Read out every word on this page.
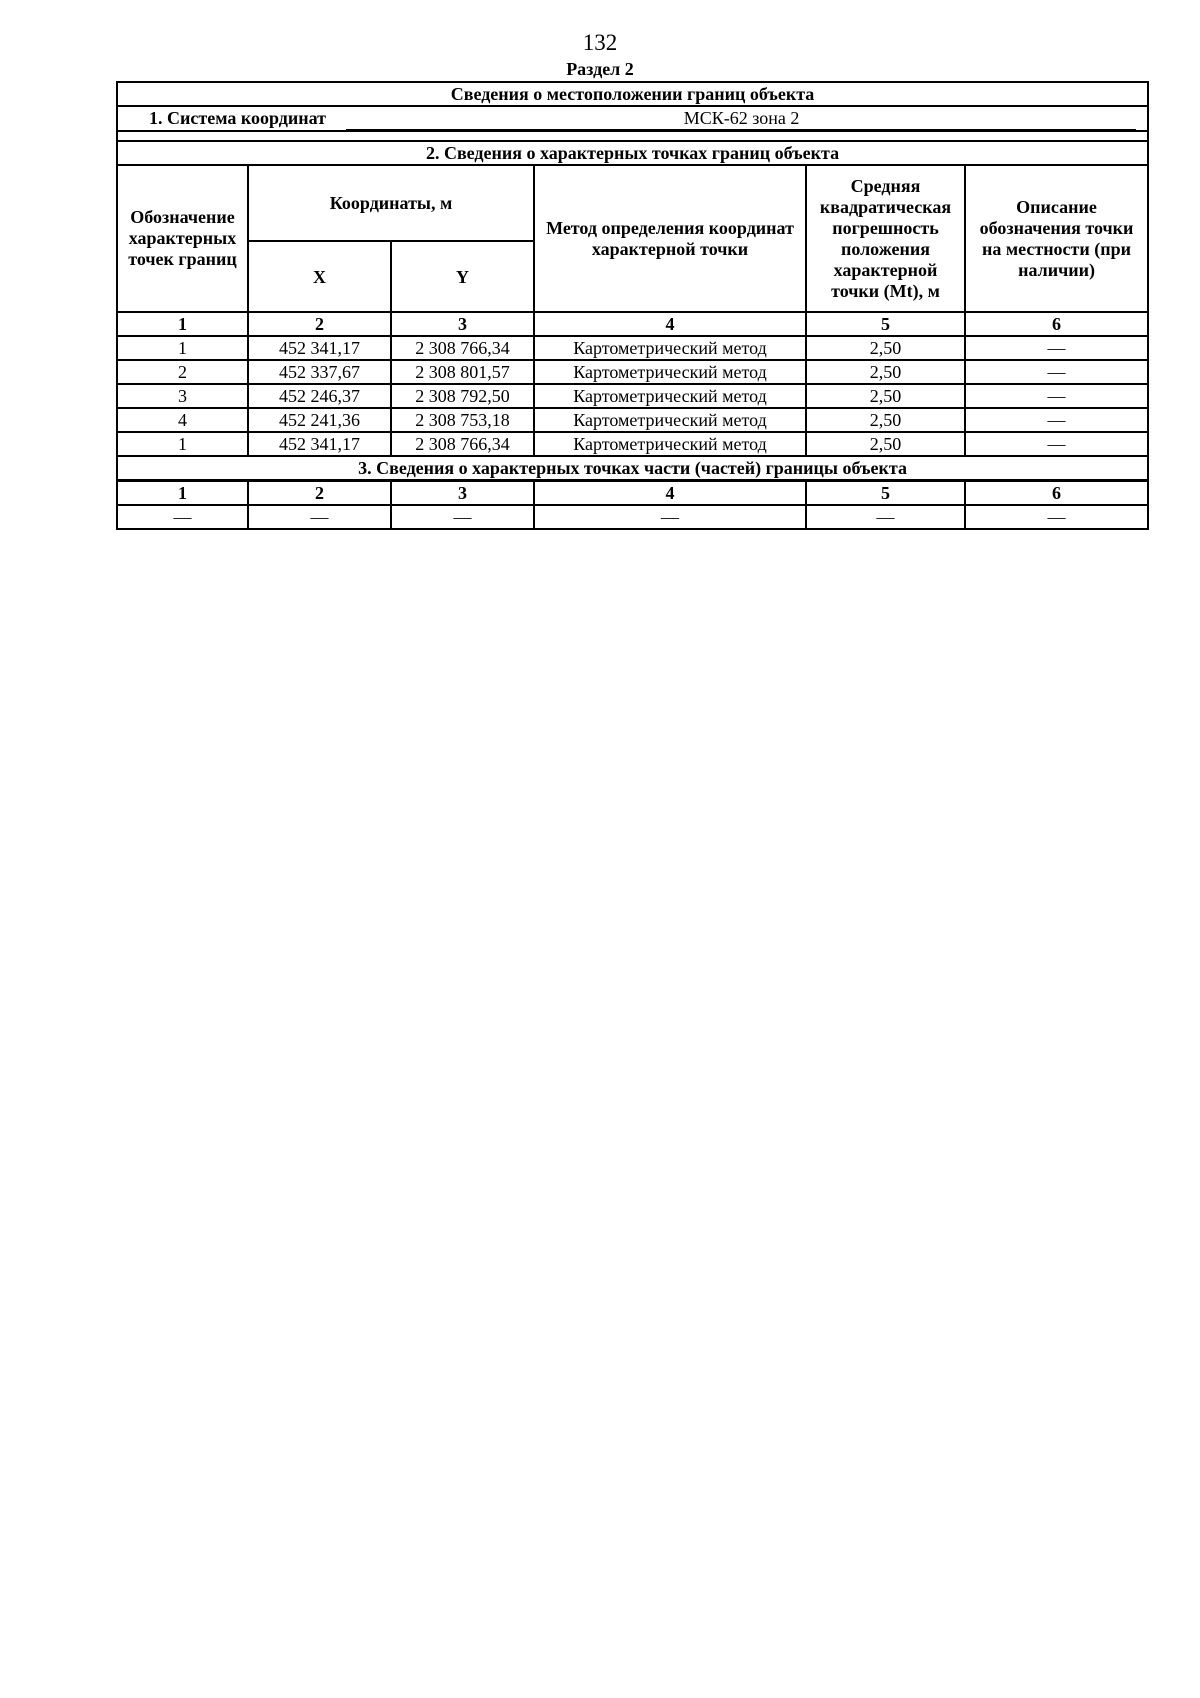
132
Раздел 2
Сведения о местоположении границ объекта					
1. Система координат МСК-62 зона 2					

2. Сведения о характерных точках границ объекта					
Обозначение характерных точек границ	Координаты, м		Метод определения координат характерной точки	Средняя квадратическая погрешность положения характерной точки (Mt), м	Описание обозначения точки на местности (при наличии)
	X	Y			
1	2	3	4	5	6
1	452 341,17	2 308 766,34	Картометрический метод	2,50	—
2	452 337,67	2 308 801,57	Картометрический метод	2,50	—
3	452 246,37	2 308 792,50	Картометрический метод	2,50	—
4	452 241,36	2 308 753,18	Картометрический метод	2,50	—
1	452 341,17	2 308 766,34	Картометрический метод	2,50	—
3. Сведения о характерных точках части (частей) границы объекта					
1	2	3	4	5	6
—	—	—	—	—	—
